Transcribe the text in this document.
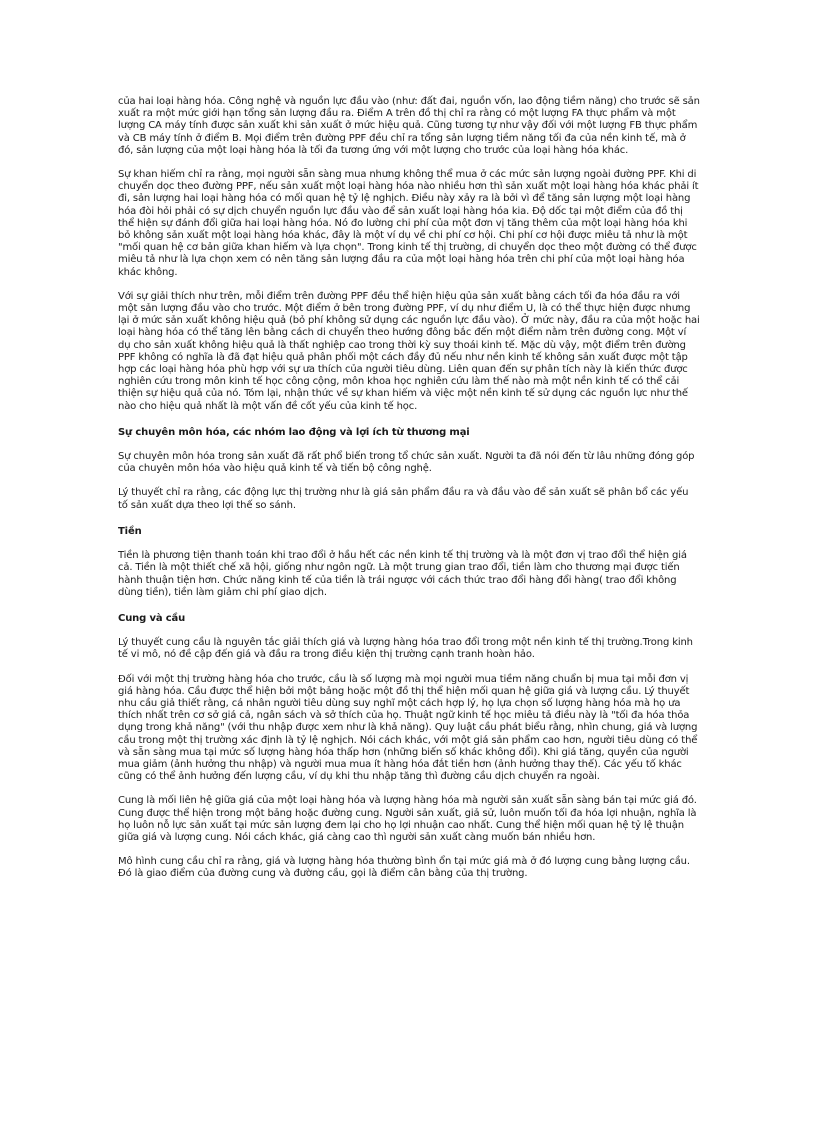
của hai loại hàng hóa. Công nghệ và nguồn lực đầu vào (như: đất đai, nguồn vốn, lao động tiềm năng) cho trước sẽ sản xuất ra một mức giới hạn tổng sản lượng đầu ra. Điểm A trên đồ thị chỉ ra rằng có một lượng FA thực phẩm và một lượng CA máy tính được sản xuất khi sản xuất ở mức hiệu quả. Cũng tương tự như vậy đối với một lượng FB thực phẩm và CB máy tính ở điểm B. Mọi điểm trên đường PPF đều chỉ ra tổng sản lượng tiềm năng tối đa của nền kinh tế, mà ở đó, sản lượng của một loại hàng hóa là tối đa tương ứng với một lượng cho trước của loại hàng hóa khác.

Sự khan hiếm chỉ ra rằng, mọi người sẵn sàng mua nhưng không thể mua ở các mức sản lượng ngoài đường PPF. Khi di chuyển dọc theo đường PPF, nếu sản xuất một loại hàng hóa nào nhiều hơn thì sản xuất một loại hàng hóa khác phải ít đi, sản lượng hai loại hàng hóa có mối quan hệ tỷ lệ nghịch. Điều này xảy ra là bởi vì để tăng sản lượng một loại hàng hóa đòi hỏi phải có sự dịch chuyển nguồn lực đầu vào để sản xuất loại hàng hóa kia. Độ dốc tại một điểm của đồ thị thể hiện sự đánh đổi giữa hai loại hàng hóa. Nó đo lường chi phí của một đơn vị tăng thêm của một loại hàng hóa khi bỏ không sản xuất một loại hàng hóa khác, đây là một ví dụ về chi phí cơ hội. Chi phí cơ hội được miêu tả như là một "mối quan hệ cơ bản giữa khan hiếm và lựa chọn". Trong kinh tế thị trường, di chuyển dọc theo một đường có thể được miêu tả như là lựa chọn xem có nên tăng sản lượng đầu ra của một loại hàng hóa trên chi phí của một loại hàng hóa khác không.

Với sự giải thích như trên, mỗi điểm trên đường PPF đều thể hiện hiệu qủa sản xuất bằng cách tối đa hóa đầu ra với một sản lượng đầu vào cho trước. Một điểm ở bên trong đường PPF, ví dụ như điểm U, là có thể thực hiện được nhưng lại ở mức sản xuất không hiệu quả (bỏ phí không sử dụng các nguồn lực đầu vào). Ở mức này, đầu ra của một hoặc hai loại hàng hóa có thể tăng lên bằng cách di chuyển theo hướng đông bắc đến một điểm nằm trên đường cong. Một ví dụ cho sản xuất không hiệu quả là thất nghiệp cao trong thời kỳ suy thoái kinh tế. Mặc dù vậy, một điểm trên đường PPF không có nghĩa là đã đạt hiệu quả phân phối một cách đầy đủ nếu như nền kinh tế không sản xuất được một tập hợp các loại hàng hóa phù hợp với sự ưa thích của người tiêu dùng. Liên quan đến sự phân tích này là kiến thức được nghiên cứu trong môn kinh tế học công cộng, môn khoa học nghiên cứu làm thế nào mà một nền kinh tế có thể cải thiện sự hiệu quả của nó. Tóm lại, nhận thức về sự khan hiếm và việc một nền kinh tế sử dụng các nguồn lực như thế nào cho hiệu quả nhất là một vấn đề cốt yếu của kinh tế học.

Sự chuyên môn hóa, các nhóm lao động và lợi ích từ thương mại

Sự chuyên môn hóa trong sản xuất đã rất phổ biến trong tổ chức sản xuất. Người ta đã nói đến từ lâu những đóng góp của chuyên môn hóa vào hiệu quả kinh tế và tiến bộ công nghệ.

Lý thuyết chỉ ra rằng, các động lực thị trường như là giá sản phẩm đầu ra và đầu vào để sản xuất sẽ phân bổ các yếu tố sản xuất dựa theo lợi thế so sánh.

Tiền

Tiền là phương tiện thanh toán khi trao đổi ở hầu hết các nền kinh tế thị trường và là một đơn vị trao đổi thể hiện giá cả. Tiền là một thiết chế xã hội, giống như ngôn ngữ. Là một trung gian trao đổi, tiền làm cho thương mại được tiến hành thuận tiện hơn. Chức năng kinh tế của tiền là trái ngược với cách thức trao đổi hàng đổi hàng( trao đổi không dùng tiền), tiền làm giảm chi phí giao dịch.

Cung và cầu

Lý thuyết cung cầu là nguyên tắc giải thích giá và lượng hàng hóa trao đổi trong một nền kinh tế thị trường.Trong kinh tế vi mô, nó đề cập đến giá và đầu ra trong điều kiện thị trường cạnh tranh hoàn hảo.

Đối với một thị trường hàng hóa cho trước, cầu là số lượng mà mọi người mua tiềm năng chuẩn bị mua tại mỗi đơn vị giá hàng hóa. Cầu được thể hiện bởi một bảng hoặc một đồ thị thể hiện mối quan hệ giữa giá và lượng cầu. Lý thuyết nhu cầu giả thiết rằng, cá nhân người tiêu dùng suy nghĩ một cách hợp lý, họ lựa chọn số lượng hàng hóa mà họ ưa thích nhất trên cơ sở giá cả, ngân sách và sở thích của họ. Thuật ngữ kinh tế học miêu tả điều này là "tối đa hóa thỏa dụng trong khả năng" (với thu nhập được xem như là khả năng). Quy luật cầu phát biểu rằng, nhìn chung, giá và lượng cầu trong một thị trường xác định là tỷ lệ nghịch. Nói cách khác, với một giá sản phẩm cao hơn, người tiêu dùng có thể và sẵn sàng mua tại mức số lượng hàng hóa thấp hơn (những biến số khác không đổi). Khi giá tăng, quyền của người mua giảm (ảnh hưởng thu nhập) và người mua mua ít hàng hóa đắt tiền hơn (ảnh hưởng thay thế). Các yếu tố khác cũng có thể ảnh hưởng đến lượng cầu, ví dụ khi thu nhập tăng thì đường cầu dịch chuyển ra ngoài.

Cung là mối liên hệ giữa giá của một loại hàng hóa và lượng hàng hóa mà người sản xuất sẵn sàng bán tại mức giá đó. Cung được thể hiện trong một bảng hoặc đường cung. Người sản xuất, giả sử, luôn muốn tối đa hóa lợi nhuận, nghĩa là họ luôn nỗ lực sản xuất tại mức sản lượng đem lại cho họ lợi nhuận cao nhất. Cung thể hiện mối quan hệ tỷ lệ thuận giữa giá và lượng cung. Nói cách khác, giá càng cao thì người sản xuất càng muốn bán nhiều hơn.

Mô hình cung cầu chỉ ra rằng, giá và lượng hàng hóa thường bình ổn tại mức giá mà ở đó lượng cung bằng lượng cầu. Đó là giao điểm của đường cung và đường cầu, gọi là điểm cân bằng của thị trường.
